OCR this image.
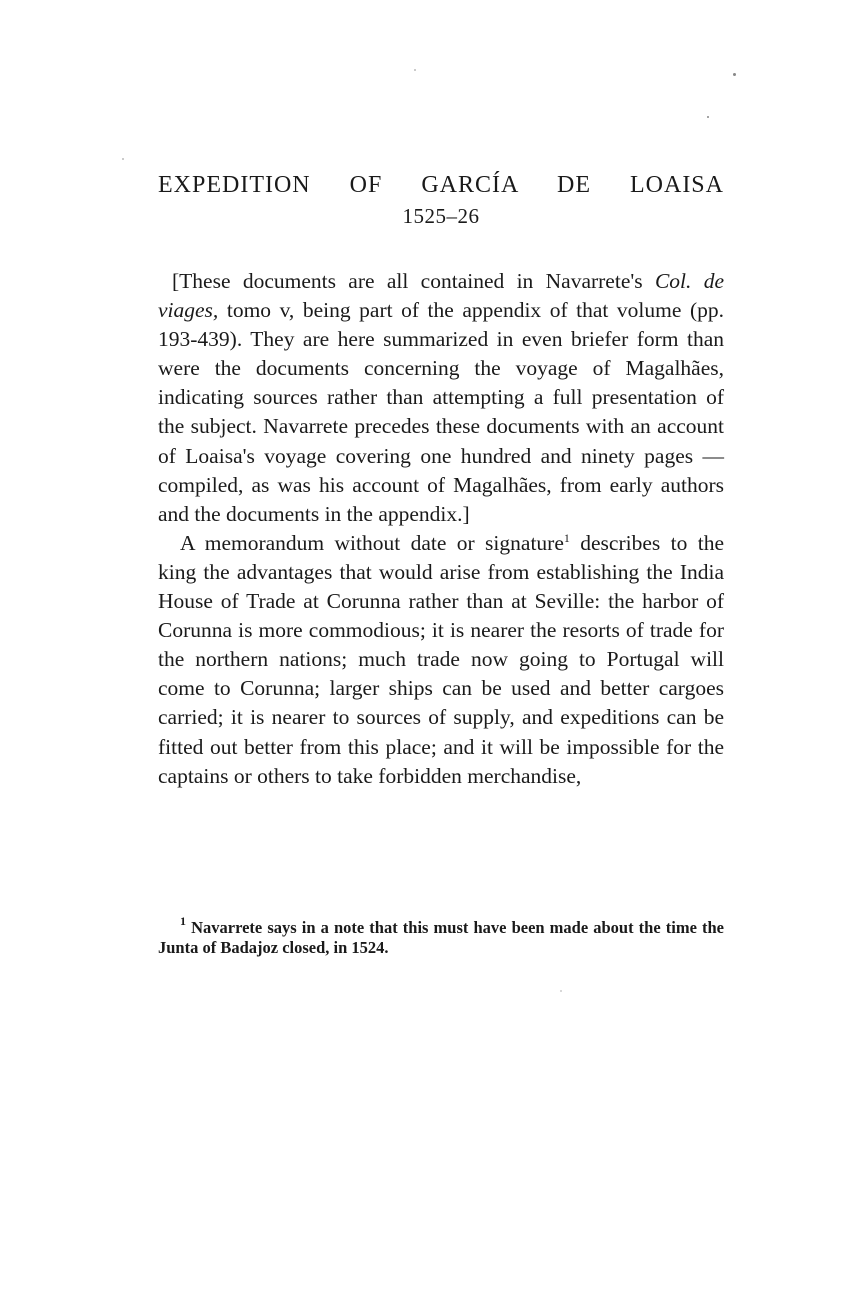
EXPEDITION OF GARCÍA DE LOAISA
1525–26

[These documents are all contained in Navarrete's Col. de viages, tomo v, being part of the appendix of that volume (pp. 193-439). They are here summarized in even briefer form than were the documents concerning the voyage of Magalhães, indicating sources rather than attempting a full presentation of the subject. Navarrete precedes these documents with an account of Loaisa's voyage covering one hundred and ninety pages — compiled, as was his account of Magalhães, from early authors and the documents in the appendix.]

A memorandum without date or signature$^1$ describes to the king the advantages that would arise from establishing the India House of Trade at Corunna rather than at Seville: the harbor of Corunna is more commodious; it is nearer the resorts of trade for the northern nations; much trade now going to Portugal will come to Corunna; larger ships can be used and better cargoes carried; it is nearer to sources of supply, and expeditions can be fitted out better from this place; and it will be impossible for the captains or others to take forbidden merchandise,

$^1$ Navarrete says in a note that this must have been made about the time the Junta of Badajoz closed, in 1524.
